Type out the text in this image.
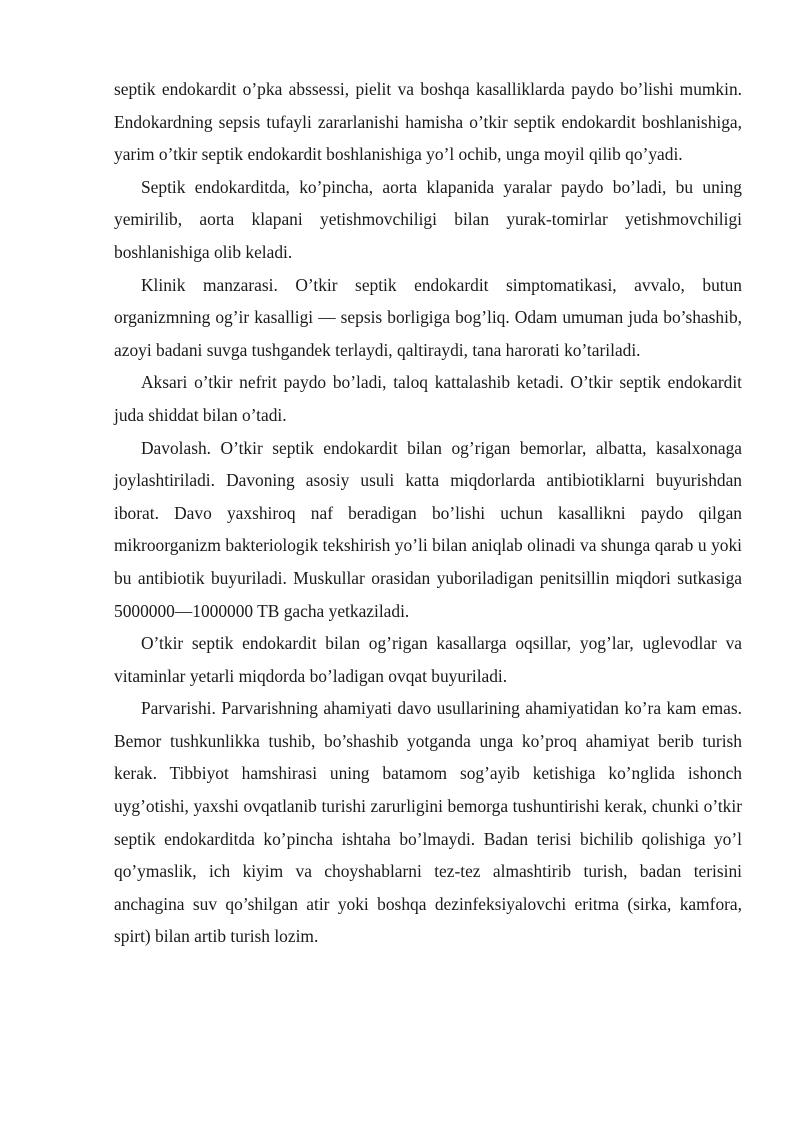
septik endokardit o’pka abssessi, pielit va boshqa kasalliklarda paydo bo’lishi mumkin. Endokardning sepsis tufayli zararlanishi hamisha o’tkir septik endokardit boshlanishiga, yarim o’tkir septik endokardit boshlanishiga yo’l ochib, unga moyil qilib qo’yadi.

Septik endokarditda, ko’pincha, aorta klapanida yaralar paydo bo’ladi, bu uning yemirilib, aorta klapani yetishmovchiligi bilan yurak-tomirlar yetishmovchiligi boshlanishiga olib keladi.

Klinik manzarasi. O’tkir septik endokardit simptomatikasi, avvalo, butun organizmning og’ir kasalligi — sepsis borligiga bog’liq. Odam umuman juda bo’shashib, azoyi badani suvga tushgandek terlaydi, qaltiraydi, tana harorati ko’tariladi.

Aksari o’tkir nefrit paydo bo’ladi, taloq kattalashib ketadi. O’tkir septik endokardit juda shiddat bilan o’tadi.

Davolash. O’tkir septik endokardit bilan og’rigan bemorlar, albatta, kasalxonaga joylashtiriladi. Davoning asosiy usuli katta miqdorlarda antibiotiklarni buyurishdan iborat. Davo yaxshiroq naf beradigan bo’lishi uchun kasallikni paydo qilgan mikroorganizm bakteriologik tekshirish yo’li bilan aniqlab olinadi va shunga qarab u yoki bu antibiotik buyuriladi. Muskullar orasidan yuboriladigan penitsillin miqdori sutkasiga 5000000—1000000 TB gacha yetkaziladi.

O’tkir septik endokardit bilan og’rigan kasallarga oqsillar, yog’lar, uglevodlar va vitaminlar yetarli miqdorda bo’ladigan ovqat buyuriladi.

Parvarishi. Parvarishning ahamiyati davo usullarining ahamiyatidan ko’ra kam emas. Bemor tushkunlikka tushib, bo’shashib yotganda unga ko’proq ahamiyat berib turish kerak. Tibbiyot hamshirasi uning batamom sog’ayib ketishiga ko’nglida ishonch uyg’otishi, yaxshi ovqatlanib turishi zarurligini bemorga tushuntirishi kerak, chunki o’tkir septik endokarditda ko’pincha ishtaha bo’lmaydi. Badan terisi bichilib qolishiga yo’l qo’ymaslik, ich kiyim va choyshablarni tez-tez almashtirib turish, badan terisini anchagina suv qo’shilgan atir yoki boshqa dezinfeksiyalovchi eritma (sirka, kamfora, spirt) bilan artib turish lozim.
